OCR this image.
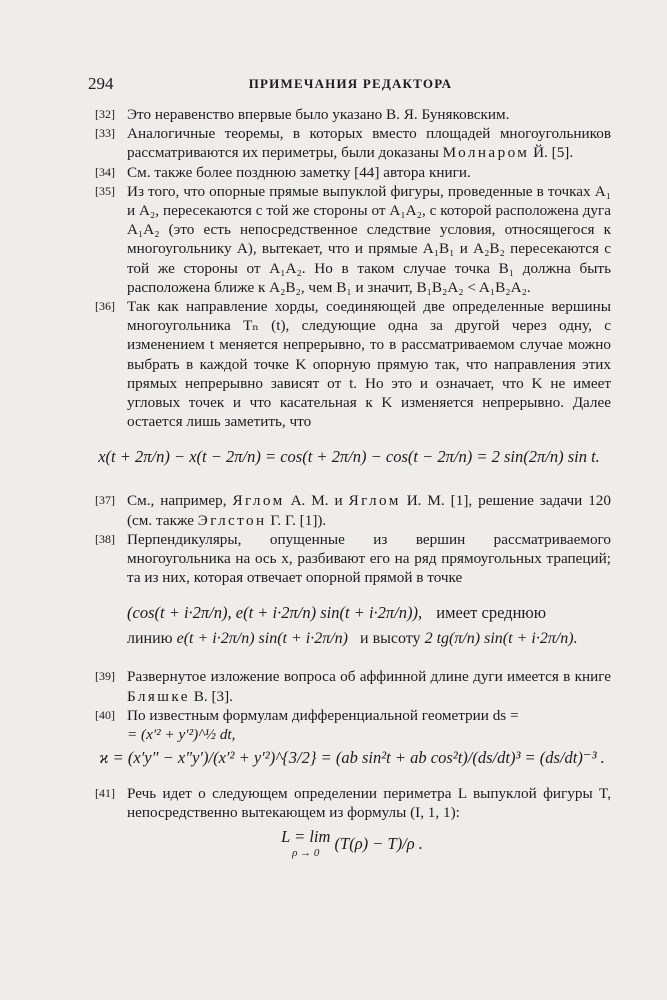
294	ПРИМЕЧАНИЯ РЕДАКТОРА
[32] Это неравенство впервые было указано В. Я. Буняковским.
[33] Аналогичные теоремы, в которых вместо площадей многоугольников рассматриваются их периметры, были доказаны Молнаром Й. [5].
[34] См. также более позднюю заметку [44] автора книги.
[35] Из того, что опорные прямые выпуклой фигуры, проведенные в точках A₁ и A₂, пересекаются с той же стороны от A₁A₂, с которой расположена дуга A₁A₂ (это есть непосредственное следствие условия, относящегося к многоугольнику A), вытекает, что и прямые A₁B₁ и A₂B₂ пересекаются с той же стороны от A₁A₂. Но в таком случае точка B₁ должна быть расположена ближе к A₂B₂, чем B₁ и значит, B₁B₂A₂ < A₁B₂A₂.
[36] Так как направление хорды, соединяющей две определенные вершины многоугольника Tₙ (t), следующие одна за другой через одну, с изменением t меняется непрерывно, то в рассматриваемом случае можно выбрать в каждой точке K опорную прямую так, что направления этих прямых непрерывно зависят от t. Но это и означает, что K не имеет угловых точек и что касательная к K изменяется непрерывно. Далее остается лишь заметить, что
x(t + 2π/n) − x(t − 2π/n) = cos(t + 2π/n) − cos(t − 2π/n) = 2 sin(2π/n) sin t.
[37] См., например, Яглом А. М. и Яглом И. М. [1], решение задачи 120 (см. также Эглстон Г. Г. [1]).
[38] Перпендикуляры, опущенные из вершин рассматриваемого многоугольника на ось x, разбивают его на ряд прямоугольных трапеций; та из них, которая отвечает опорной прямой в точке
(cos(t + i·2π/n), e(t + i·2π/n) sin(t + i·2π/n)), имеет среднюю
линию e(t + i·2π/n) sin(t + i·2π/n) и высоту 2 tg(π/n) sin(t + i·2π/n).
[39] Развернутое изложение вопроса об аффинной длине дуги имеется в книге Бляшке В. [3].
[40] По известным формулам дифференциальной геометрии ds =
= (x′² + y′²)^½ dt,
ϰ = (x′y″ − x″y′)/(x′² + y′²)^{3/2} = (ab sin²t + ab cos²t)/(ds/dt)³ = (ds/dt)⁻³ .
[41] Речь идет о следующем определении периметра L выпуклой фигуры T, непосредственно вытекающем из формулы (I, 1, 1):
L = lim
ρ → 0
(T(ρ) − T)/ρ .
